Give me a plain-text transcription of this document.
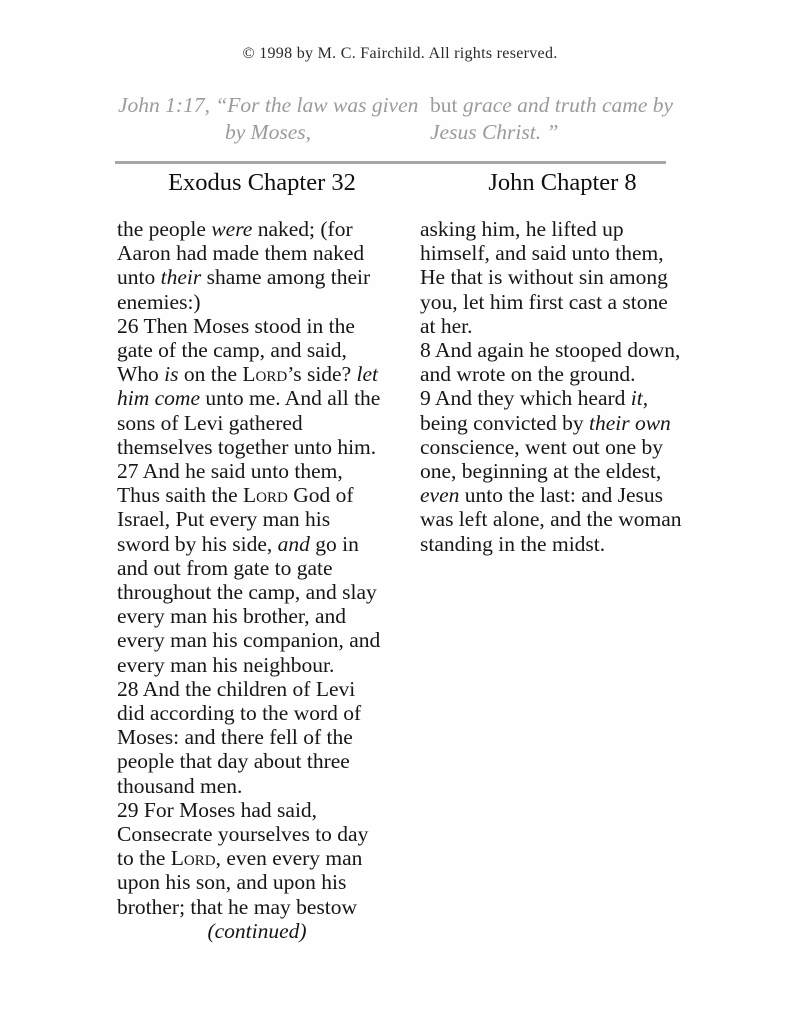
© 1998 by M. C. Fairchild. All rights reserved.
John 1:17, “For the law was given
by Moses,
but grace and truth came by
Jesus Christ. ”
Exodus Chapter 32	John Chapter 8
the people were naked; (for
Aaron had made them naked
unto their shame among their
enemies:)
26 Then Moses stood in the
gate of the camp, and said,
Who is on the Lord’s side? let
him come unto me. And all the
sons of Levi gathered
themselves together unto him.
27 And he said unto them,
Thus saith the Lord God of
Israel, Put every man his
sword by his side, and go in
and out from gate to gate
throughout the camp, and slay
every man his brother, and
every man his companion, and
every man his neighbour.
28 And the children of Levi
did according to the word of
Moses: and there fell of the
people that day about three
thousand men.
29 For Moses had said,
Consecrate yourselves to day
to the Lord, even every man
upon his son, and upon his
brother; that he may bestow
(continued)
asking him, he lifted up
himself, and said unto them,
He that is without sin among
you, let him first cast a stone
at her.
8 And again he stooped down,
and wrote on the ground.
9 And they which heard it,
being convicted by their own
conscience, went out one by
one, beginning at the eldest,
even unto the last: and Jesus
was left alone, and the woman
standing in the midst.
